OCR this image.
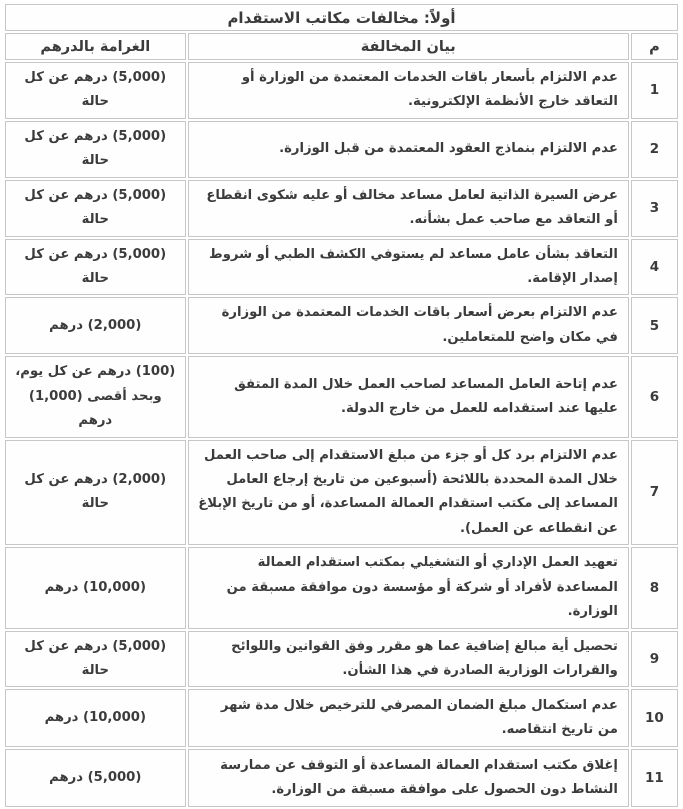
أولاً: مخالفات مكاتب الاستقدام		
م	بيان المخالفة	الغرامة بالدرهم
1	عدم الالتزام بأسعار باقات الخدمات المعتمدة من الوزارة أو التعاقد خارج الأنظمة الإلكترونية.	(5,000) درهم عن كل حالة
2	عدم الالتزام بنماذج العقود المعتمدة من قبل الوزارة.	(5,000) درهم عن كل حالة
3	عرض السيرة الذاتية لعامل مساعد مخالف أو عليه شكوى انقطاع أو التعاقد مع صاحب عمل بشأنه.	(5,000) درهم عن كل حالة
4	التعاقد بشأن عامل مساعد لم يستوفي الكشف الطبي أو شروط إصدار الإقامة.	(5,000) درهم عن كل حالة
5	عدم الالتزام بعرض أسعار باقات الخدمات المعتمدة من الوزارة في مكان واضح للمتعاملين.	(2,000) درهم
6	عدم إتاحة العامل المساعد لصاحب العمل خلال المدة المتفق عليها عند استقدامه للعمل من خارج الدولة.	(100) درهم عن كل يوم، وبحد أقصى (1,000) درهم
7	عدم الالتزام برد كل أو جزء من مبلغ الاستقدام إلى صاحب العمل خلال المدة المحددة باللائحة (أسبوعين من تاريخ إرجاع العامل المساعد إلى مكتب استقدام العمالة المساعدة، أو من تاريخ الإبلاغ عن انقطاعه عن العمل).	(2,000) درهم عن كل حالة
8	تعهيد العمل الإداري أو التشغيلي بمكتب استقدام العمالة المساعدة لأفراد أو شركة أو مؤسسة دون موافقة مسبقة من الوزارة.	(10,000) درهم
9	تحصيل أية مبالغ إضافية عما هو مقرر وفق القوانين واللوائح والقرارات الوزارية الصادرة في هذا الشأن.	(5,000) درهم عن كل حالة
10	عدم استكمال مبلغ الضمان المصرفي للترخيص خلال مدة شهر من تاريخ انتقاصه.	(10,000) درهم
11	إغلاق مكتب استقدام العمالة المساعدة أو التوقف عن ممارسة النشاط دون الحصول على موافقة مسبقة من الوزارة.	(5,000) درهم
